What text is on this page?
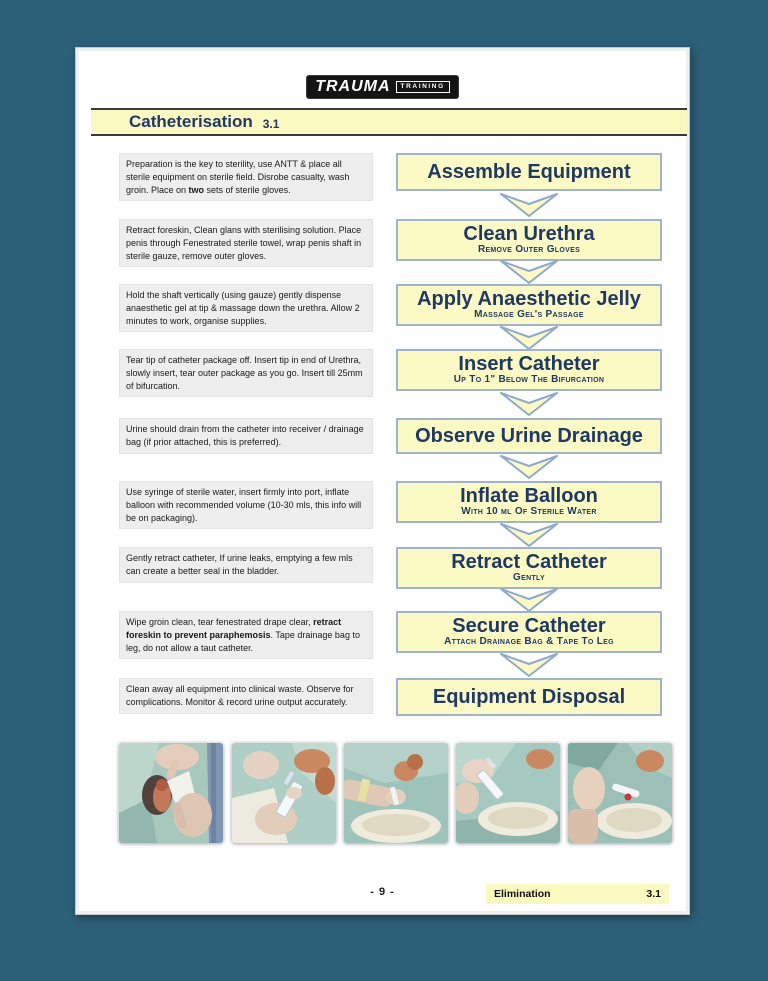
TRAUMA	TRAINING
Catheterisation 3.1
Preparation is the key to sterility, use ANTT & place all sterile equipment on sterile field. Disrobe casualty, wash groin. Place on two sets of sterile gloves.
Assemble Equipment
Retract foreskin, Clean glans with sterilising solution. Place penis through Fenestrated sterile towel, wrap penis shaft in sterile gauze, remove outer gloves.
Clean Urethra
Remove Outer Gloves
Hold the shaft vertically (using gauze) gently dispense anaesthetic gel at tip & massage down the urethra. Allow 2 minutes to work, organise supplies.
Apply Anaesthetic Jelly
Massage Gel's Passage
Tear tip of catheter package off. Insert tip in end of Urethra, slowly insert, tear outer package as you go. Insert till 25mm of bifurcation.
Insert Catheter
Up To 1" Below The Bifurcation
Urine should drain from the catheter into receiver / drainage bag (if prior attached, this is preferred).	Observe Urine Drainage
Use syringe of sterile water, insert firmly into port, inflate balloon with recommended volume (10-30 mls, this info will be on packaging).
Inflate Balloon
With 10 ml Of Sterile Water
Gently retract catheter, If urine leaks, emptying a few mls can create a better seal in the bladder.	Retract Catheter
Gently
Wipe groin clean, tear fenestrated drape clear, retract foreskin to prevent paraphemosis. Tape drainage bag to leg, do not allow a taut catheter.
Secure Catheter
Attach Drainage Bag & Tape To Leg
Clean away all equipment into clinical waste. Observe for complications. Monitor & record urine output accurately.	Equipment Disposal
- 9 -	Elimination	3.1
